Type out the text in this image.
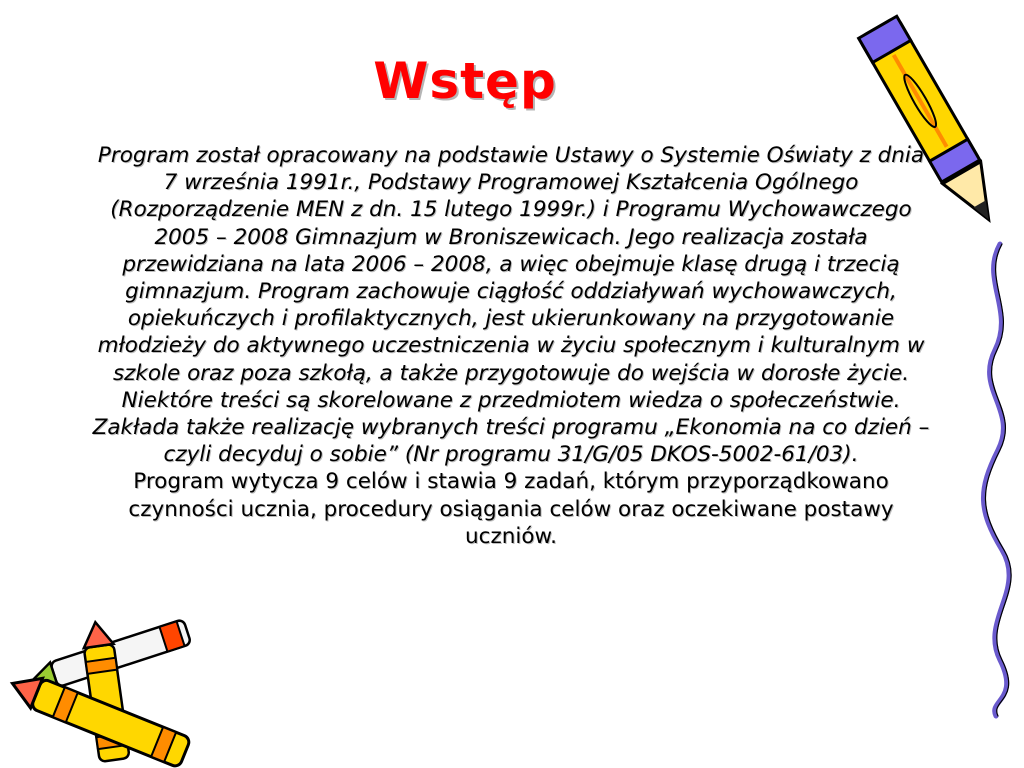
Wstęp

Program został opracowany na podstawie Ustawy o Systemie Oświaty z dnia 7 września 1991r., Podstawy Programowej Kształcenia Ogólnego (Rozporządzenie MEN z dn. 15 lutego 1999r.) i Programu Wychowawczego 2005 – 2008 Gimnazjum w Broniszewicach. Jego realizacja została przewidziana na lata 2006 – 2008, a więc obejmuje klasę drugą i trzecią gimnazjum. Program zachowuje ciągłość oddziaływań wychowawczych, opiekuńczych i profilaktycznych, jest ukierunkowany na przygotowanie młodzieży do aktywnego uczestniczenia w życiu społecznym i kulturalnym w szkole oraz poza szkołą, a także przygotowuje do wejścia w dorosłe życie.

Niektóre treści są skorelowane z przedmiotem wiedza o społeczeństwie. Zakłada także realizację wybranych treści programu „Ekonomia na co dzień – czyli decyduj o sobie” (Nr programu 31/G/05 DKOS-5002-61/03).

Program wytycza 9 celów i stawia 9 zadań, którym przyporządkowano czynności ucznia, procedury osiągania celów oraz oczekiwane postawy uczniów.
